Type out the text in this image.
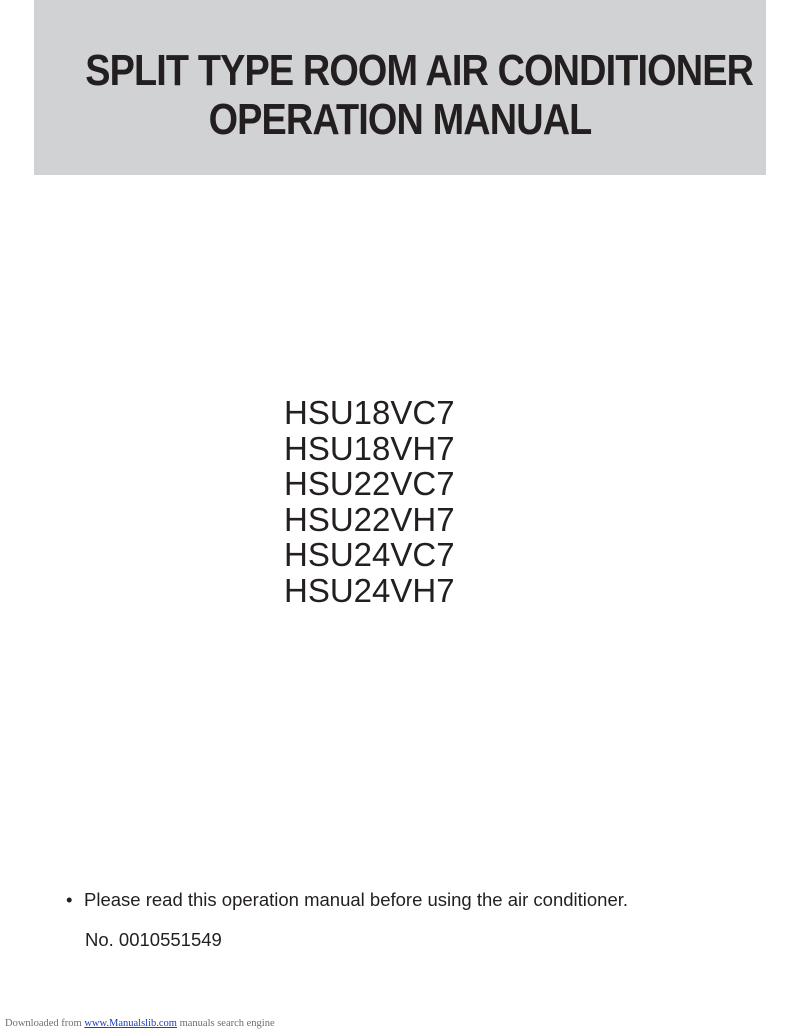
SPLIT TYPE ROOM AIR CONDITIONER
OPERATION MANUAL
HSU18VC7
HSU18VH7
HSU22VC7
HSU22VH7
HSU24VC7
HSU24VH7
• Please read this operation manual before using the air conditioner.
No. 0010551549
Downloaded from www.Manualslib.com manuals search engine
